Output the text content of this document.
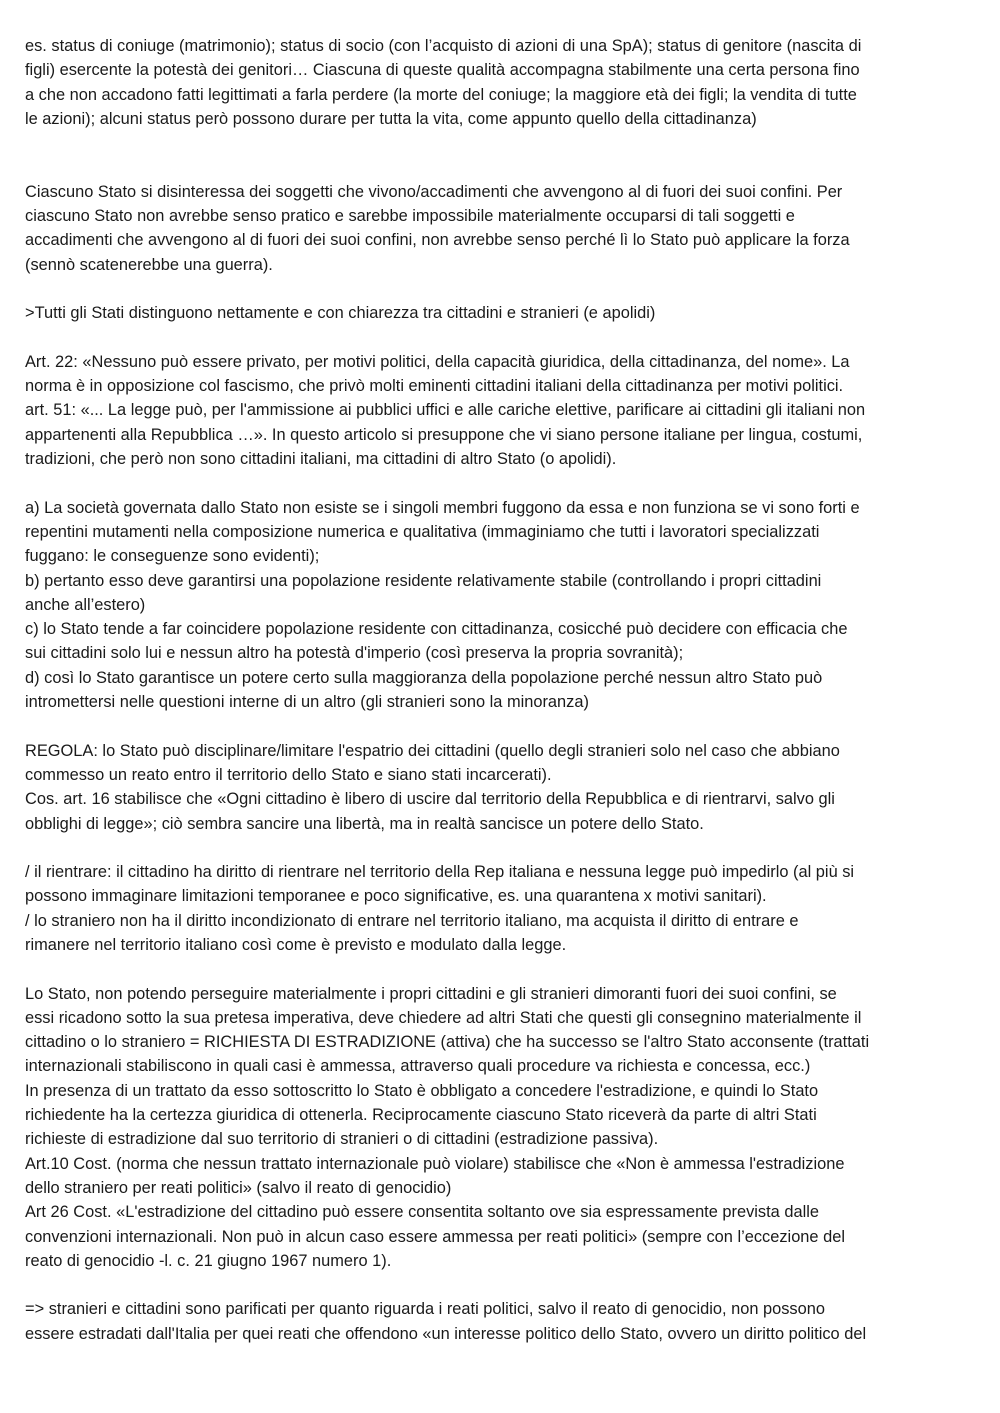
es. status di coniuge (matrimonio); status di socio (con l’acquisto di azioni di una SpA); status di genitore (nascita di
figli) esercente la potestà dei genitori… Ciascuna di queste qualità accompagna stabilmente una certa persona fino
a che non accadono fatti legittimati a farla perdere (la morte del coniuge; la maggiore età dei figli; la vendita di tutte
le azioni); alcuni status però possono durare per tutta la vita, come appunto quello della cittadinanza)
Ciascuno Stato si disinteressa dei soggetti che vivono/accadimenti che avvengono al di fuori dei suoi confini. Per
ciascuno Stato non avrebbe senso pratico e sarebbe impossibile materialmente occuparsi di tali soggetti e
accadimenti che avvengono al di fuori dei suoi confini, non avrebbe senso perché lì lo Stato può applicare la forza
(sennò scatenerebbe una guerra).
>Tutti gli Stati distinguono nettamente e con chiarezza tra cittadini e stranieri (e apolidi)
Art. 22: «Nessuno può essere privato, per motivi politici, della capacità giuridica, della cittadinanza, del nome». La
norma è in opposizione col fascismo, che privò molti eminenti cittadini italiani della cittadinanza per motivi politici.
art. 51: «... La legge può, per l'ammissione ai pubblici uffici e alle cariche elettive, parificare ai cittadini gli italiani non
appartenenti alla Repubblica …». In questo articolo si presuppone che vi siano persone italiane per lingua, costumi,
tradizioni, che però non sono cittadini italiani, ma cittadini di altro Stato (o apolidi).
a) La società governata dallo Stato non esiste se i singoli membri fuggono da essa e non funziona se vi sono forti e
repentini mutamenti nella composizione numerica e qualitativa (immaginiamo che tutti i lavoratori specializzati
fuggano: le conseguenze sono evidenti);
b) pertanto esso deve garantirsi una popolazione residente relativamente stabile (controllando i propri cittadini
anche all’estero)
c) lo Stato tende a far coincidere popolazione residente con cittadinanza, cosicché può decidere con efficacia che
sui cittadini solo lui e nessun altro ha potestà d'imperio (così preserva la propria sovranità);
d) così lo Stato garantisce un potere certo sulla maggioranza della popolazione perché nessun altro Stato può
intromettersi nelle questioni interne di un altro (gli stranieri sono la minoranza)
REGOLA: lo Stato può disciplinare/limitare l'espatrio dei cittadini (quello degli stranieri solo nel caso che abbiano
commesso un reato entro il territorio dello Stato e siano stati incarcerati).
Cos. art. 16 stabilisce che «Ogni cittadino è libero di uscire dal territorio della Repubblica e di rientrarvi, salvo gli
obblighi di legge»; ciò sembra sancire una libertà, ma in realtà sancisce un potere dello Stato.
/ il rientrare: il cittadino ha diritto di rientrare nel territorio della Rep italiana e nessuna legge può impedirlo (al più si
possono immaginare limitazioni temporanee e poco significative, es. una quarantena x motivi sanitari).
/ lo straniero non ha il diritto incondizionato di entrare nel territorio italiano, ma acquista il diritto di entrare e
rimanere nel territorio italiano così come è previsto e modulato dalla legge.
Lo Stato, non potendo perseguire materialmente i propri cittadini e gli stranieri dimoranti fuori dei suoi confini, se
essi ricadono sotto la sua pretesa imperativa, deve chiedere ad altri Stati che questi gli consegnino materialmente il
cittadino o lo straniero = RICHIESTA DI ESTRADIZIONE (attiva) che ha successo se l'altro Stato acconsente (trattati
internazionali stabiliscono in quali casi è ammessa, attraverso quali procedure va richiesta e concessa, ecc.)
In presenza di un trattato da esso sottoscritto lo Stato è obbligato a concedere l'estradizione, e quindi lo Stato
richiedente ha la certezza giuridica di ottenerla. Reciprocamente ciascuno Stato riceverà da parte di altri Stati
richieste di estradizione dal suo territorio di stranieri o di cittadini (estradizione passiva).
Art.10 Cost. (norma che nessun trattato internazionale può violare) stabilisce che «Non è ammessa l'estradizione
dello straniero per reati politici» (salvo il reato di genocidio)
Art 26 Cost. «L'estradizione del cittadino può essere consentita soltanto ove sia espressamente prevista dalle
convenzioni internazionali. Non può in alcun caso essere ammessa per reati politici» (sempre con l’eccezione del
reato di genocidio -l. c. 21 giugno 1967 numero 1).
=> stranieri e cittadini sono parificati per quanto riguarda i reati politici, salvo il reato di genocidio, non possono
essere estradati dall'Italia per quei reati che offendono «un interesse politico dello Stato, ovvero un diritto politico del
